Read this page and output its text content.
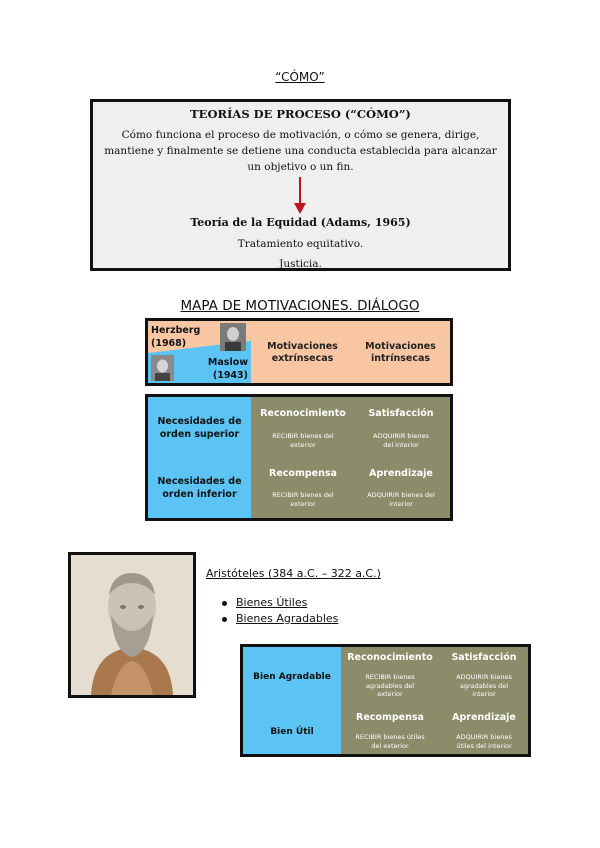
“CÓMO”
TEORÍAS DE PROCESO (“CÓMO”)
Cómo funciona el proceso de motivación, o cómo se genera, dirige, mantiene y finalmente se detiene una conducta establecida para alcanzar un objetivo o un fin.
Teoría de la Equidad (Adams, 1965)
Tratamiento equitativo.
Justicia.
MAPA DE MOTIVACIONES. DIÁLOGO
Herzberg
(1968)
Maslow
(1943)
Motivaciones
extrínsecas
Motivaciones
intrínsecas
Necesidades de
orden superior
Necesidades de
orden inferior
Reconocimiento
RECIBIR bienes del
exterior
Satisfacción
ADQUIRIR bienes
del interior
Recompensa
RECIBIR bienes del
exterior
Aprendizaje
ADQUIRIR bienes del
interior
Aristóteles (384 a.C. – 322 a.C.)
Bienes Útiles
Bienes Agradables
Bien Agradable
Bien Útil
Reconocimiento
RECIBIR bienes
agradables del
exterior
Satisfacción
ADQUIRIR bienes
agradables del
interior
Recompensa
RECIBIR bienes útiles
del exterior
Aprendizaje
ADQUIRIR bienes
útiles del interior
